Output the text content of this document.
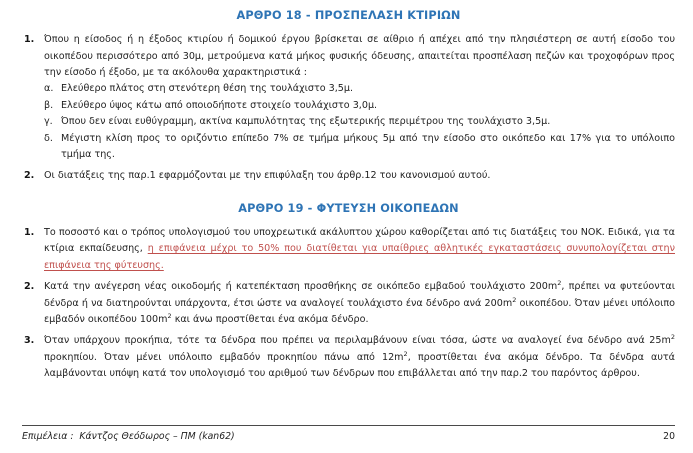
ΑΡΘΡΟ 18 - ΠΡΟΣΠΕΛΑΣΗ ΚΤΙΡΙΩΝ
1.	Όπου η είσοδος ή η έξοδος κτιρίου ή δομικού έργου βρίσκεται σε αίθριο ή απέχει από την πλησιέστερη σε αυτή είσοδο του οικοπέδου περισσότερο από 30μ, μετρούμενα κατά μήκος φυσικής όδευσης, απαιτείται προσπέλαση πεζών και τροχοφόρων προς την είσοδο ή έξοδο, με τα ακόλουθα χαρακτηριστικά :

α. Ελεύθερο πλάτος στη στενότερη θέση της τουλάχιστο 3,5μ.
β. Ελεύθερο ύψος κάτω από οποιοδήποτε στοιχείο τουλάχιστο 3,0μ.
γ. Όπου δεν είναι ευθύγραμμη, ακτίνα καμπυλότητας της εξωτερικής περιμέτρου της τουλάχιστο 3,5μ.
δ. Μέγιστη κλίση προς το οριζόντιο επίπεδο 7% σε τμήμα μήκους 5μ από την είσοδο στο οικόπεδο και 17% για το υπόλοιπο τμήμα της.
2.	Οι διατάξεις της παρ.1 εφαρμόζονται με την επιφύλαξη του άρθρ.12 του κανονισμού αυτού.

ΑΡΘΡΟ 19 - ΦΥΤΕΥΣΗ ΟΙΚΟΠΕΔΩΝ
1.	Το ποσοστό και ο τρόπος υπολογισμού του υποχρεωτικά ακάλυπτου χώρου καθορίζεται από τις διατάξεις του ΝΟΚ. Ειδικά, για τα κτίρια εκπαίδευσης, η επιφάνεια μέχρι το 50% που διατίθεται για υπαίθριες αθλητικές εγκαταστάσεις συνυπολογίζεται στην επιφάνεια της φύτευσης.

2.	Κατά την ανέγερση νέας οικοδομής ή κατεπέκταση προσθήκης σε οικόπεδο εμβαδού τουλάχιστο $200m^2$, πρέπει να φυτεύονται δένδρα ή να διατηρούνται υπάρχοντα, έτσι ώστε να αναλογεί τουλάχιστο ένα δένδρο ανά $200m^2$ οικοπέδου. Όταν μένει υπόλοιπο εμβαδόν οικοπέδου $100m^2$ και άνω προστίθεται ένα ακόμα δένδρο.

3.	Όταν υπάρχουν προκήπια, τότε τα δένδρα που πρέπει να περιλαμβάνουν είναι τόσα, ώστε να αναλογεί ένα δένδρο ανά $25m^2$ προκηπίου. Όταν μένει υπόλοιπο εμβαδόν προκηπίου πάνω από $12m^2$, προστίθεται ένα ακόμα δένδρο. Τα δένδρα αυτά λαμβάνονται υπόψη κατά τον υπολογισμό του αριθμού των δένδρων που επιβάλλεται από την παρ.2 του παρόντος άρθρου.

Επιμέλεια :  Κάντζος Θεόδωρος – ΠΜ (kan62)	20
